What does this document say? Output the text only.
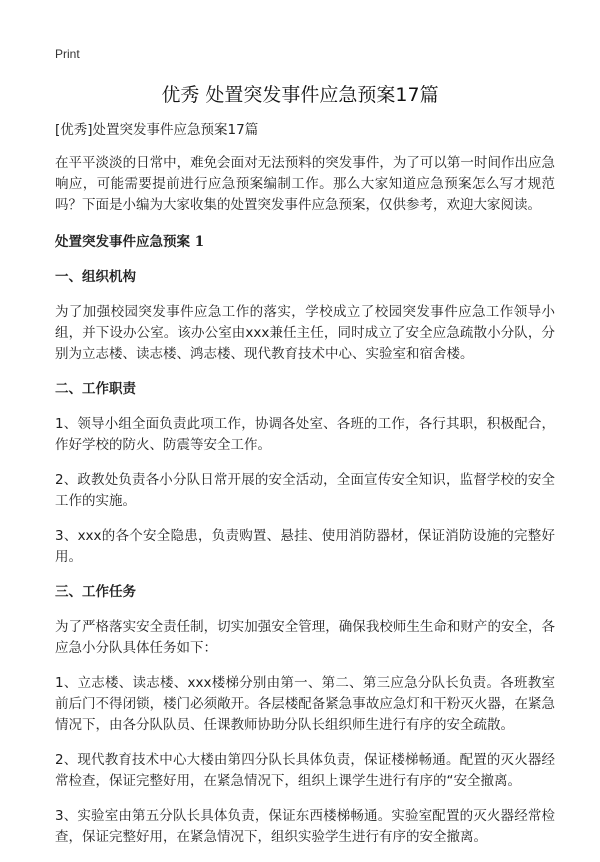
Print
优秀 处置突发事件应急预案17篇

[优秀]处置突发事件应急预案17篇

在平平淡淡的日常中，难免会面对无法预料的突发事件，为了可以第一时间作出应急响应，可能需要提前进行应急预案编制工作。那么大家知道应急预案怎么写才规范吗？下面是小编为大家收集的处置突发事件应急预案，仅供参考，欢迎大家阅读。

处置突发事件应急预案 1

一、组织机构

为了加强校园突发事件应急工作的落实，学校成立了校园突发事件应急工作领导小组，并下设办公室。该办公室由xxx兼任主任，同时成立了安全应急疏散小分队，分别为立志楼、读志楼、鸿志楼、现代教育技术中心、实验室和宿舍楼。

二、工作职责

1、领导小组全面负责此项工作，协调各处室、各班的工作，各行其职，积极配合，作好学校的防火、防震等安全工作。

2、政教处负责各小分队日常开展的安全活动，全面宣传安全知识，监督学校的安全工作的实施。

3、xxx的各个安全隐患，负责购置、悬挂、使用消防器材，保证消防设施的完整好用。

三、工作任务

为了严格落实安全责任制，切实加强安全管理，确保我校师生生命和财产的安全，各应急小分队具体任务如下：

1、立志楼、读志楼、xxx楼梯分别由第一、第二、第三应急分队长负责。各班教室前后门不得闭锁，楼门必须敞开。各层楼配备紧急事故应急灯和干粉灭火器，在紧急情况下，由各分队队员、任课教师协助分队长组织师生进行有序的安全疏散。

2、现代教育技术中心大楼由第四分队长具体负责，保证楼梯畅通。配置的灭火器经常检查，保证完整好用，在紧急情况下，组织上课学生进行有序的“安全撤离。

3、实验室由第五分队长具体负责，保证东西楼梯畅通。实验室配置的灭火器经常检查，保证完整好用，在紧急情况下，组织实验学生进行有序的安全撤离。
